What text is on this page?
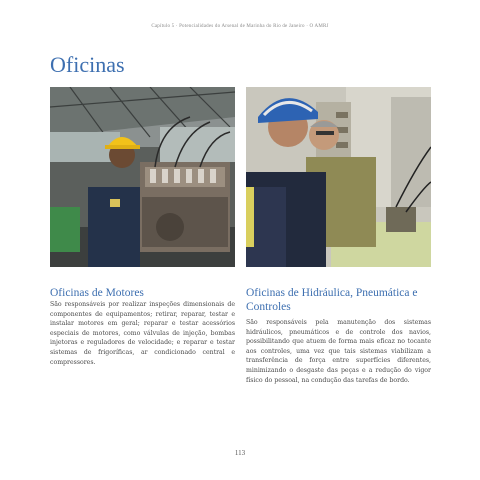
Capítulo 5 · Potencialidades do Arsenal de Marinha do Rio de Janeiro · O AMRJ
Oficinas
Oficinas de Motores

São responsáveis por realizar inspeções dimensionais de componentes de equipamentos; retirar, reparar, testar e instalar motores em geral; reparar e testar acessórios especiais de motores, como válvulas de injeção, bombas injetoras e reguladores de velocidade; e reparar e testar sistemas de frigoríficas, ar condicionado central e compressores.

Oficinas de Hidráulica, Pneumática e Controles

São responsáveis pela manutenção dos sistemas hidráulicos, pneumáticos e de controle dos navios, possibilitando que atuem de forma mais eficaz no tocante aos controles, uma vez que tais sistemas viabilizam a transferência de força entre superfícies diferentes, minimizando o desgaste das peças e a redução do vigor físico do pessoal, na condução das tarefas de bordo.

113
